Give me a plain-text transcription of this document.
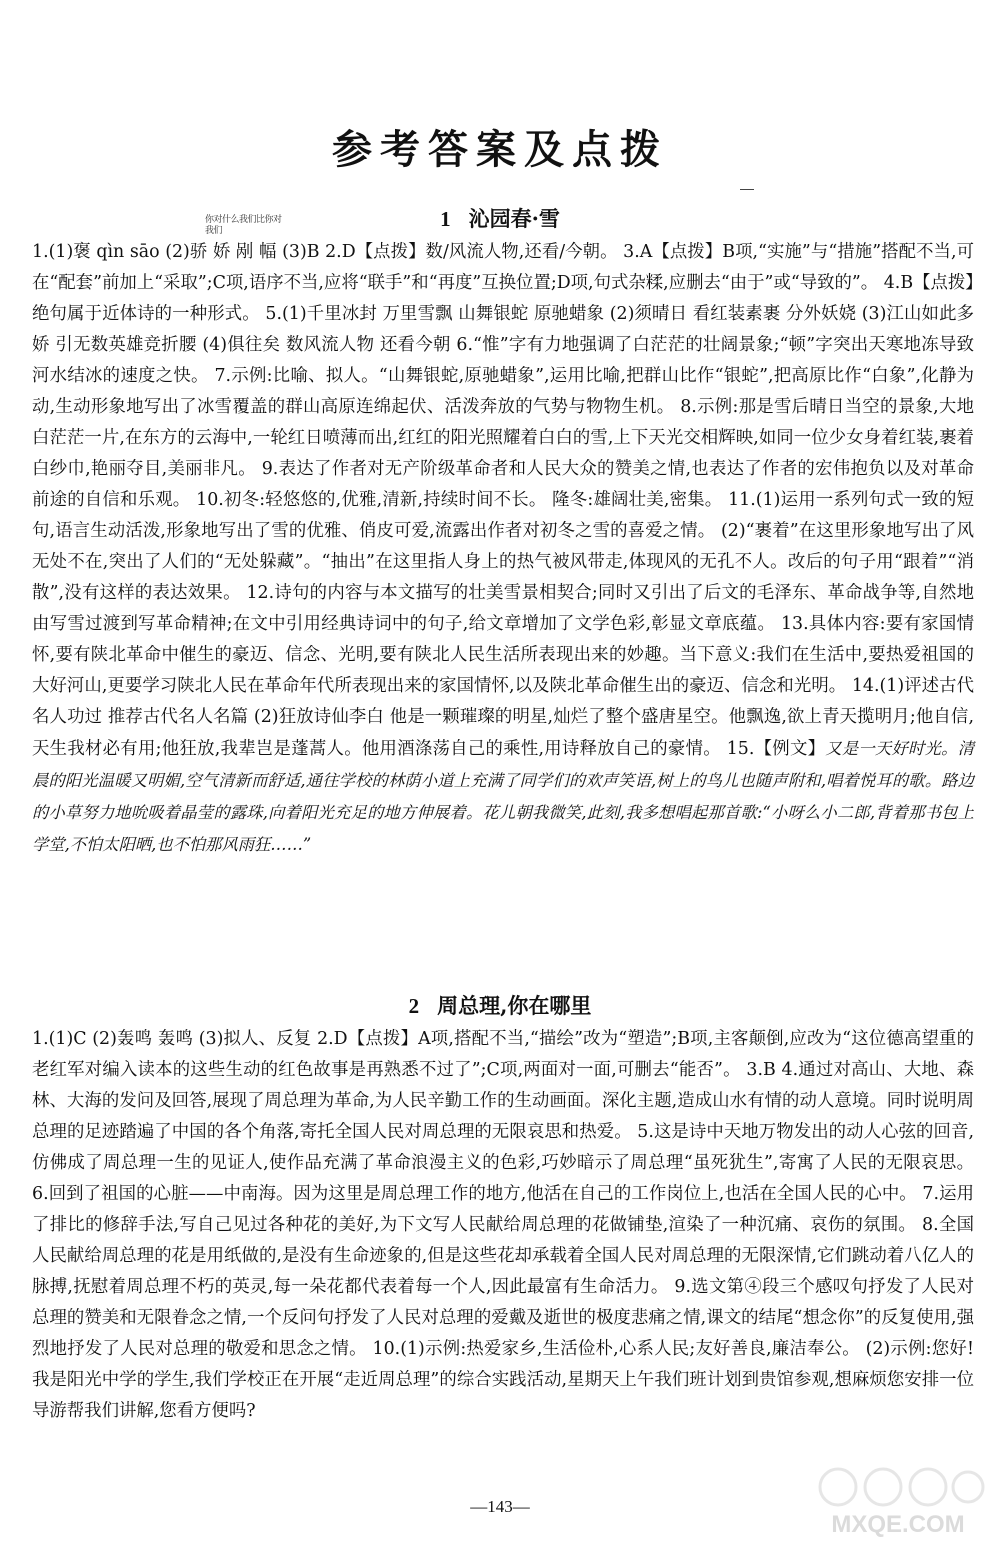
参考答案及点拨
你对什么我们比你对我们	1 沁园春·雪
1.(1)褒 qìn sāo (2)骄 娇 剐 幅 (3)B 2.D【点拨】数/风流人物,还看/今朝。 3.A【点拨】B项,“实施”与“措施”搭配不当,可在“配套”前加上“采取”;C项,语序不当,应将“联手”和“再度”互换位置;D项,句式杂糅,应删去“由于”或“导致的”。 4.B【点拨】绝句属于近体诗的一种形式。 5.(1)千里冰封 万里雪飘 山舞银蛇 原驰蜡象 (2)须晴日 看红装素裹 分外妖娆 (3)江山如此多娇 引无数英雄竞折腰 (4)俱往矣 数风流人物 还看今朝 6.“惟”字有力地强调了白茫茫的壮阔景象;“顿”字突出天寒地冻导致河水结冰的速度之快。 7.示例:比喻、拟人。“山舞银蛇,原驰蜡象”,运用比喻,把群山比作“银蛇”,把高原比作“白象”,化静为动,生动形象地写出了冰雪覆盖的群山高原连绵起伏、活泼奔放的气势与物物生机。 8.示例:那是雪后晴日当空的景象,大地白茫茫一片,在东方的云海中,一轮红日喷薄而出,红红的阳光照耀着白白的雪,上下天光交相辉映,如同一位少女身着红装,裹着白纱巾,艳丽夺目,美丽非凡。 9.表达了作者对无产阶级革命者和人民大众的赞美之情,也表达了作者的宏伟抱负以及对革命前途的自信和乐观。 10.初冬:轻悠悠的,优雅,清新,持续时间不长。 隆冬:雄阔壮美,密集。 11.(1)运用一系列句式一致的短句,语言生动活泼,形象地写出了雪的优雅、俏皮可爱,流露出作者对初冬之雪的喜爱之情。 (2)“裹着”在这里形象地写出了风无处不在,突出了人们的“无处躲藏”。“抽出”在这里指人身上的热气被风带走,体现风的无孔不人。改后的句子用“跟着”“消散”,没有这样的表达效果。 12.诗句的内容与本文描写的壮美雪景相契合;同时又引出了后文的毛泽东、革命战争等,自然地由写雪过渡到写革命精神;在文中引用经典诗词中的句子,给文章增加了文学色彩,彰显文章底蕴。 13.具体内容:要有家国情怀,要有陕北革命中催生的豪迈、信念、光明,要有陕北人民生活所表现出来的妙趣。当下意义:我们在生活中,要热爱祖国的大好河山,更要学习陕北人民在革命年代所表现出来的家国情怀,以及陕北革命催生出的豪迈、信念和光明。 14.(1)评述古代名人功过 推荐古代名人名篇 (2)狂放诗仙李白 他是一颗璀璨的明星,灿烂了整个盛唐星空。他飘逸,欲上青天揽明月;他自信,天生我材必有用;他狂放,我辈岂是蓬蒿人。他用酒涤荡自己的乘性,用诗释放自己的豪情。 15.【例文】又是一天好时光。清晨的阳光温暖又明媚,空气清新而舒适,通往学校的林荫小道上充满了同学们的欢声笑语,树上的鸟儿也随声附和,唱着悦耳的歌。路边的小草努力地吮吸着晶莹的露珠,向着阳光充足的地方伸展着。花儿朝我微笑,此刻,我多想唱起那首歌:“小呀么小二郎,背着那书包上学堂,不怕太阳晒,也不怕那风雨狂……”
2 周总理,你在哪里
1.(1)C (2)轰鸣 轰鸣 (3)拟人、反复 2.D【点拨】A项,搭配不当,“描绘”改为“塑造”;B项,主客颠倒,应改为“这位德高望重的老红军对编入读本的这些生动的红色故事是再熟悉不过了”;C项,两面对一面,可删去“能否”。 3.B 4.通过对高山、大地、森林、大海的发问及回答,展现了周总理为革命,为人民辛勤工作的生动画面。深化主题,造成山水有情的动人意境。同时说明周总理的足迹踏遍了中国的各个角落,寄托全国人民对周总理的无限哀思和热爱。 5.这是诗中天地万物发出的动人心弦的回音,仿佛成了周总理一生的见证人,使作品充满了革命浪漫主义的色彩,巧妙暗示了周总理“虽死犹生”,寄寓了人民的无限哀思。 6.回到了祖国的心脏——中南海。因为这里是周总理工作的地方,他活在自己的工作岗位上,也活在全国人民的心中。 7.运用了排比的修辞手法,写自己见过各种花的美好,为下文写人民献给周总理的花做铺垫,渲染了一种沉痛、哀伤的氛围。 8.全国人民献给周总理的花是用纸做的,是没有生命迹象的,但是这些花却承载着全国人民对周总理的无限深情,它们跳动着八亿人的脉搏,抚慰着周总理不朽的英灵,每一朵花都代表着每一个人,因此最富有生命活力。 9.选文第④段三个感叹句抒发了人民对总理的赞美和无限眷念之情,一个反问句抒发了人民对总理的爱戴及逝世的极度悲痛之情,课文的结尾“想念你”的反复使用,强烈地抒发了人民对总理的敬爱和思念之情。 10.(1)示例:热爱家乡,生活俭朴,心系人民;友好善良,廉洁奉公。 (2)示例:您好!我是阳光中学的学生,我们学校正在开展“走近周总理”的综合实践活动,星期天上午我们班计划到贵馆参观,想麻烦您安排一位导游帮我们讲解,您看方便吗?
—143—
MXQE.COM
